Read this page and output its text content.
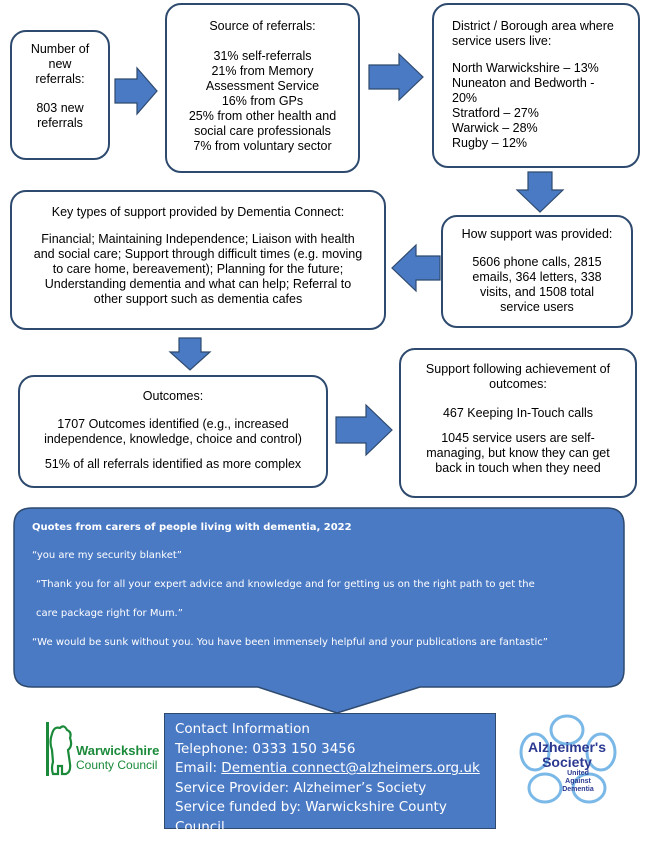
Number of new referrals:
803 new referrals
Source of referrals:
31% self-referrals
21% from Memory Assessment Service
16% from GPs
25% from other health and social care professionals
7% from voluntary sector
District / Borough area where service users live:
North Warwickshire – 13%
Nuneaton and Bedworth - 20%
Stratford – 27%
Warwick – 28%
Rugby – 12%
Key types of support provided by Dementia Connect:
Financial; Maintaining Independence; Liaison with health and social care; Support through difficult times (e.g. moving to care home, bereavement); Planning for the future; Understanding dementia and what can help; Referral to other support such as dementia cafes
How support was provided:
5606 phone calls, 2815 emails, 364 letters, 338 visits, and 1508 total service users
Outcomes:
1707 Outcomes identified (e.g., increased independence, knowledge, choice and control)
51% of all referrals identified as more complex
Support following achievement of outcomes:
467 Keeping In-Touch calls
1045 service users are self-managing, but know they can get back in touch when they need
Quotes from carers of people living with dementia, 2022
“you are my security blanket”
“Thank you for all your expert advice and knowledge and for getting us on the right path to get the
care package right for Mum.”
“We would be sunk without you. You have been immensely helpful and your publications are fantastic”
Warwickshire
County Council
Contact Information
Telephone: 0333 150 3456
Email: Dementia connect@alzheimers.org.uk
Service Provider: Alzheimer’s Society
Service funded by: Warwickshire County Council
Alzheimer's
Society
United
Against
Dementia
